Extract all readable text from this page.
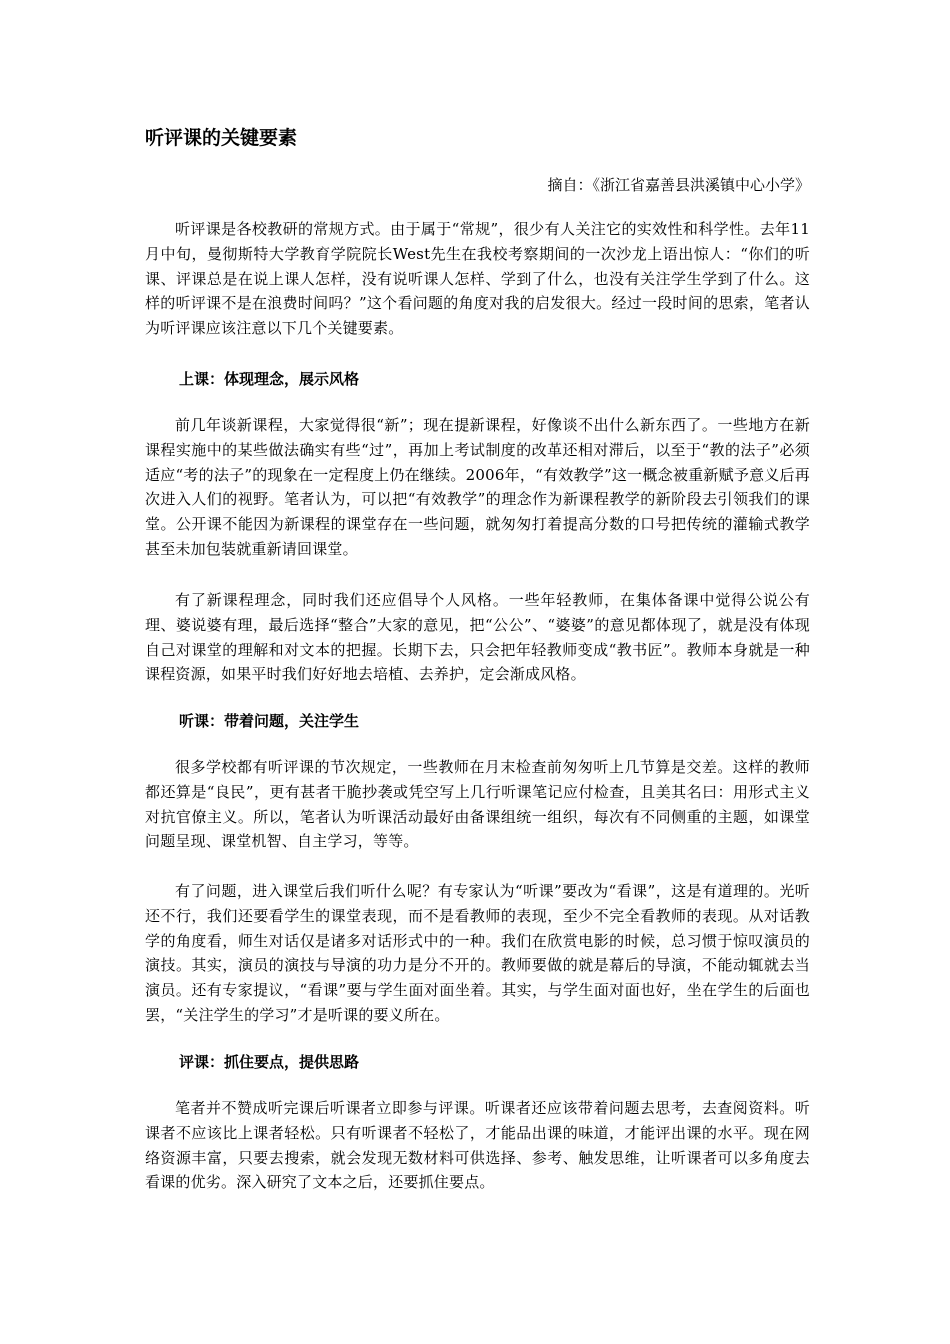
听评课的关键要素
摘自：《浙江省嘉善县洪溪镇中心小学》

听评课是各校教研的常规方式。由于属于“常规”，很少有人关注它的实效性和科学性。去年11月中旬，曼彻斯特大学教育学院院长West先生在我校考察期间的一次沙龙上语出惊人：“你们的听课、评课总是在说上课人怎样，没有说听课人怎样、学到了什么，也没有关注学生学到了什么。这样的听评课不是在浪费时间吗？”这个看问题的角度对我的启发很大。经过一段时间的思索，笔者认为听评课应该注意以下几个关键要素。

上课：体现理念，展示风格

前几年谈新课程，大家觉得很“新”；现在提新课程，好像谈不出什么新东西了。一些地方在新课程实施中的某些做法确实有些“过”，再加上考试制度的改革还相对滞后，以至于“教的法子”必须适应“考的法子”的现象在一定程度上仍在继续。2006年，“有效教学”这一概念被重新赋予意义后再次进入人们的视野。笔者认为，可以把“有效教学”的理念作为新课程教学的新阶段去引领我们的课堂。公开课不能因为新课程的课堂存在一些问题，就匆匆打着提高分数的口号把传统的灌输式教学甚至未加包装就重新请回课堂。

有了新课程理念，同时我们还应倡导个人风格。一些年轻教师，在集体备课中觉得公说公有理、婆说婆有理，最后选择“整合”大家的意见，把“公公”、“婆婆”的意见都体现了，就是没有体现自己对课堂的理解和对文本的把握。长期下去，只会把年轻教师变成“教书匠”。教师本身就是一种课程资源，如果平时我们好好地去培植、去养护，定会渐成风格。

听课：带着问题，关注学生

很多学校都有听评课的节次规定，一些教师在月末检查前匆匆听上几节算是交差。这样的教师都还算是“良民”，更有甚者干脆抄袭或凭空写上几行听课笔记应付检查，且美其名曰：用形式主义对抗官僚主义。所以，笔者认为听课活动最好由备课组统一组织，每次有不同侧重的主题，如课堂问题呈现、课堂机智、自主学习，等等。

有了问题，进入课堂后我们听什么呢？有专家认为“听课”要改为“看课”，这是有道理的。光听还不行，我们还要看学生的课堂表现，而不是看教师的表现，至少不完全看教师的表现。从对话教学的角度看，师生对话仅是诸多对话形式中的一种。我们在欣赏电影的时候，总习惯于惊叹演员的演技。其实，演员的演技与导演的功力是分不开的。教师要做的就是幕后的导演，不能动辄就去当演员。还有专家提议，“看课”要与学生面对面坐着。其实，与学生面对面也好，坐在学生的后面也罢，“关注学生的学习”才是听课的要义所在。

评课：抓住要点，提供思路

笔者并不赞成听完课后听课者立即参与评课。听课者还应该带着问题去思考，去查阅资料。听课者不应该比上课者轻松。只有听课者不轻松了，才能品出课的味道，才能评出课的水平。现在网络资源丰富，只要去搜索，就会发现无数材料可供选择、参考、触发思维，让听课者可以多角度去看课的优劣。深入研究了文本之后，还要抓住要点。
